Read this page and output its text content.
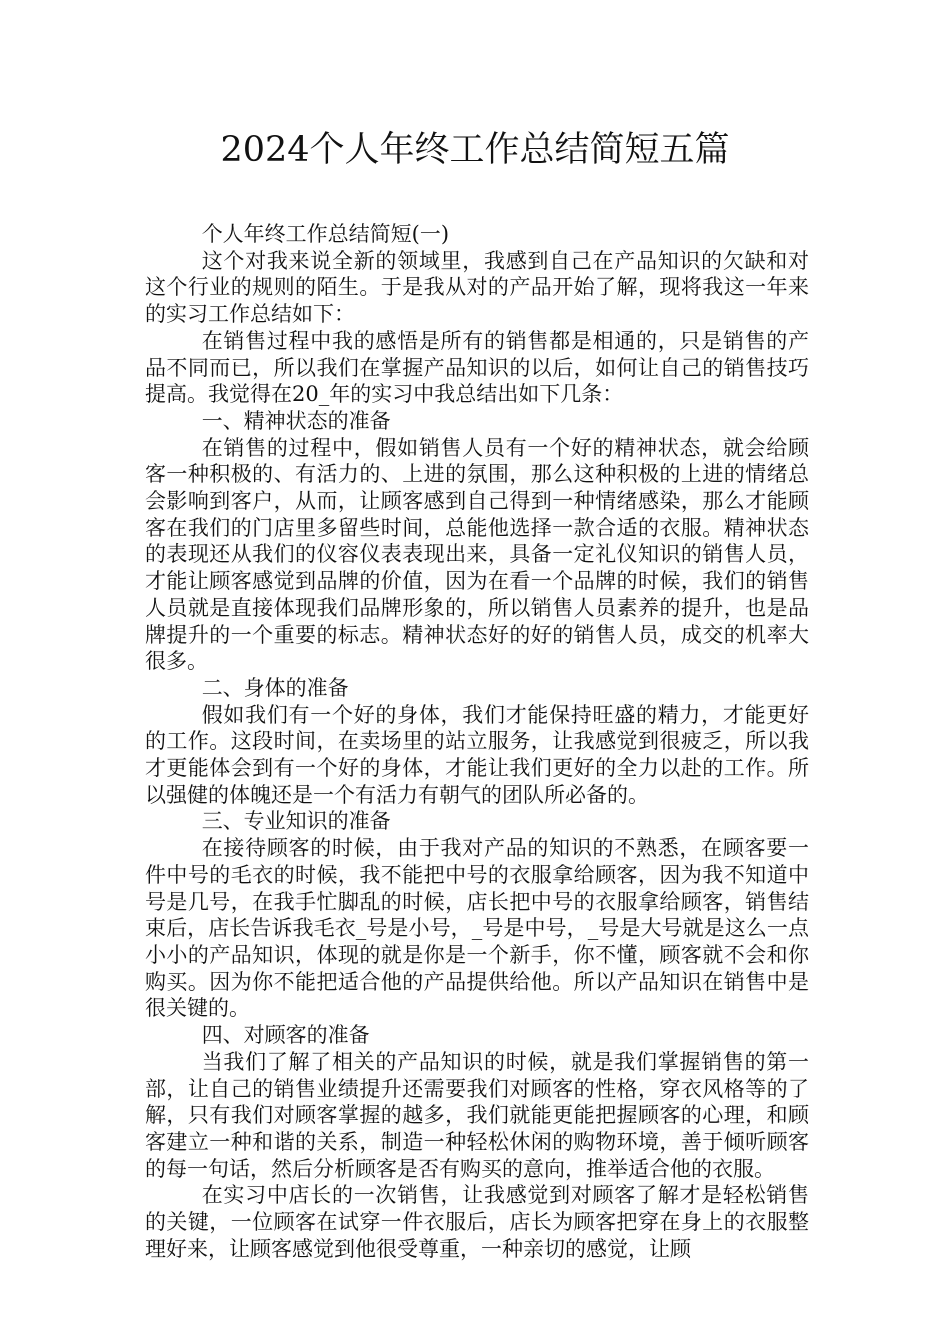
2024个人年终工作总结简短五篇

个人年终工作总结简短(一)

这个对我来说全新的领域里，我感到自己在产品知识的欠缺和对这个行业的规则的陌生。于是我从对的产品开始了解，现将我这一年来的实习工作总结如下：

在销售过程中我的感悟是所有的销售都是相通的，只是销售的产品不同而已，所以我们在掌握产品知识的以后，如何让自己的销售技巧提高。我觉得在20_年的实习中我总结出如下几条：

一、精神状态的准备

在销售的过程中，假如销售人员有一个好的精神状态，就会给顾客一种积极的、有活力的、上进的氛围，那么这种积极的上进的情绪总会影响到客户，从而，让顾客感到自己得到一种情绪感染，那么才能顾客在我们的门店里多留些时间，总能他选择一款合适的衣服。精神状态的表现还从我们的仪容仪表表现出来，具备一定礼仪知识的销售人员，才能让顾客感觉到品牌的价值，因为在看一个品牌的时候，我们的销售人员就是直接体现我们品牌形象的，所以销售人员素养的提升，也是品牌提升的一个重要的标志。精神状态好的好的销售人员，成交的机率大很多。

二、身体的准备

假如我们有一个好的身体，我们才能保持旺盛的精力，才能更好的工作。这段时间，在卖场里的站立服务，让我感觉到很疲乏，所以我才更能体会到有一个好的身体，才能让我们更好的全力以赴的工作。所以强健的体魄还是一个有活力有朝气的团队所必备的。

三、专业知识的准备

在接待顾客的时候，由于我对产品的知识的不熟悉，在顾客要一件中号的毛衣的时候，我不能把中号的衣服拿给顾客，因为我不知道中号是几号，在我手忙脚乱的时候，店长把中号的衣服拿给顾客，销售结束后，店长告诉我毛衣_号是小号，_号是中号，_号是大号就是这么一点小小的产品知识，体现的就是你是一个新手，你不懂，顾客就不会和你购买。因为你不能把适合他的产品提供给他。所以产品知识在销售中是很关键的。

四、对顾客的准备

当我们了解了相关的产品知识的时候，就是我们掌握销售的第一部，让自己的销售业绩提升还需要我们对顾客的性格，穿衣风格等的了解，只有我们对顾客掌握的越多，我们就能更能把握顾客的心理，和顾客建立一种和谐的关系，制造一种轻松休闲的购物环境，善于倾听顾客的每一句话，然后分析顾客是否有购买的意向，推举适合他的衣服。

在实习中店长的一次销售，让我感觉到对顾客了解才是轻松销售的关键，一位顾客在试穿一件衣服后，店长为顾客把穿在身上的衣服整理好来，让顾客感觉到他很受尊重，一种亲切的感觉，让顾
